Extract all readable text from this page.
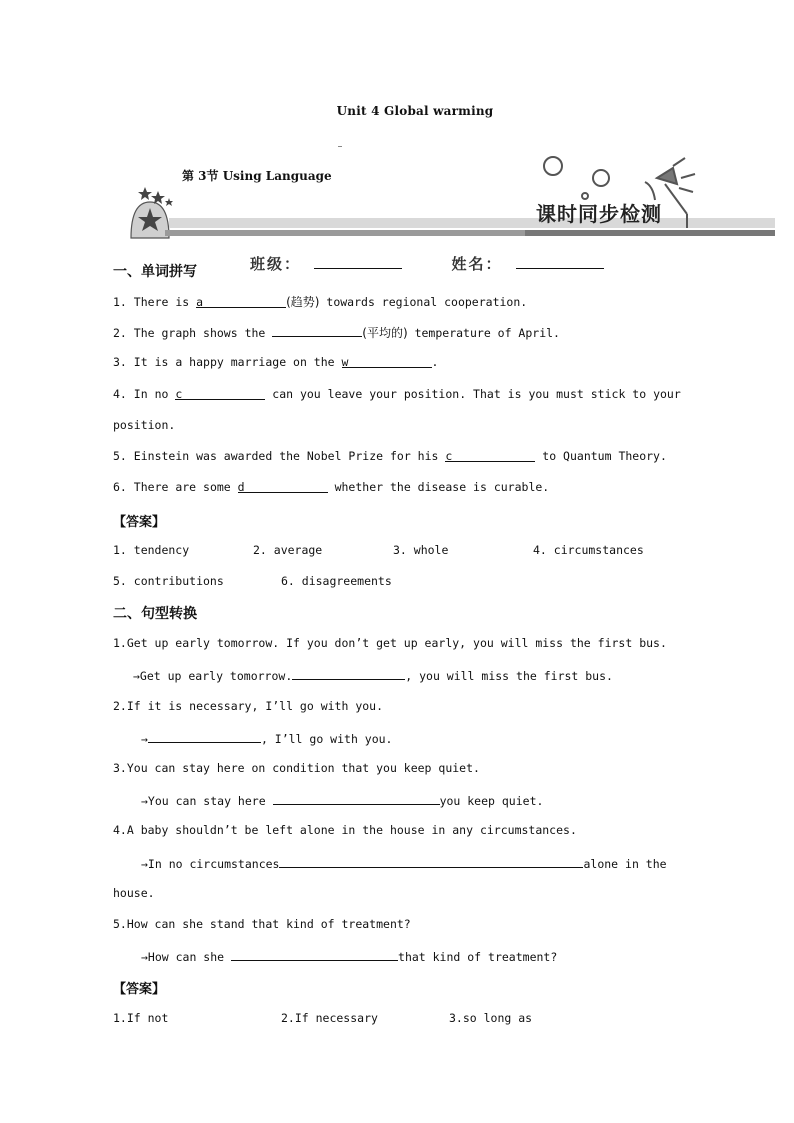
Unit 4 Global warming
第 3节 Using Language
课时同步检测
一、单词拼写	班级：	姓名：
1. There is a	(趋势) towards regional cooperation.
2. The graph shows the	(平均的) temperature of April.
3. It is a happy marriage on the w	.
4. In no c	can you leave your position. That is you must stick to your
position.
5. Einstein was awarded the Nobel Prize for his c	to Quantum Theory.
6. There are some d	whether the disease is curable.
【答案】
1. tendency	2. average	3. whole	4. circumstances
5. contributions	6. disagreements
二、句型转换
1.Get up early tomorrow. If you don’t get up early, you will miss the first bus.
→Get up early tomorrow.	, you will miss the first bus.
2.If it is necessary, I’ll go with you.
→	, I’ll go with you.
3.You can stay here on condition that you keep quiet.
→You can stay here	you keep quiet.
4.A baby shouldn’t be left alone in the house in any circumstances.
→In no circumstances	alone in the
house.
5.How can she stand that kind of treatment?
→How can she	that kind of treatment?
【答案】
1.If not	2.If necessary	3.so long as
